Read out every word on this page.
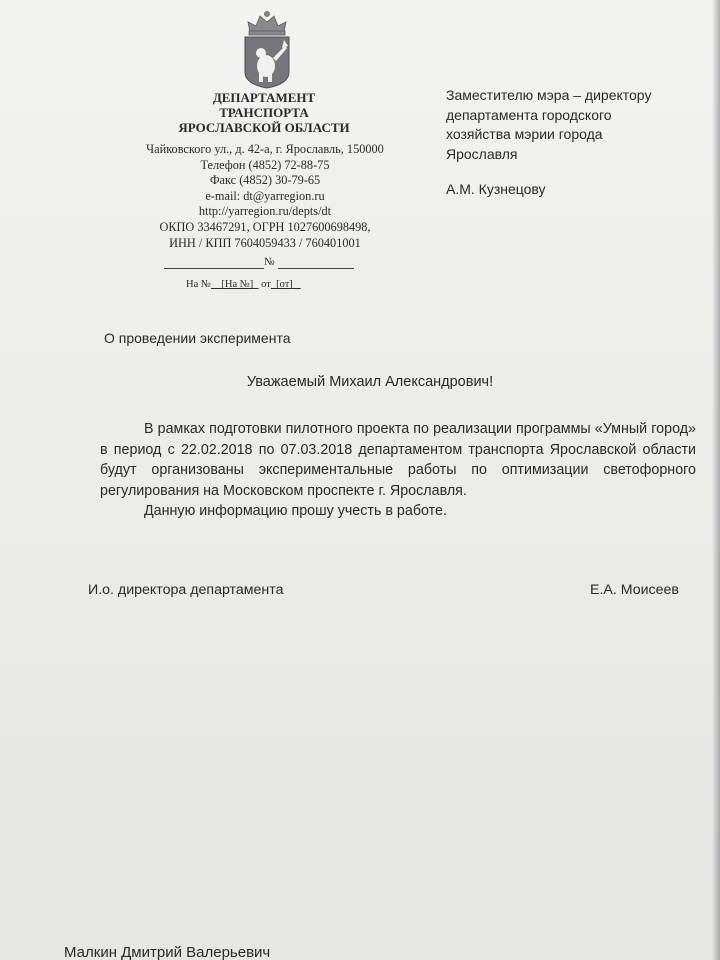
ДЕПАРТАМЕНТ
ТРАНСПОРТА
ЯРОСЛАВСКОЙ ОБЛАСТИ
Чайковского ул., д. 42-а, г. Ярославль, 150000
Телефон (4852) 72-88-75
Факс (4852) 30-79-65
e-mail: dt@yarregion.ru
http://yarregion.ru/depts/dt
ОКПО 33467291, ОГРН 1027600698498,
ИНН / КПП 7604059433 / 760401001
№
На № [На №] от [от]
Заместителю мэра – директору
департамента городского
хозяйства мэрии города
Ярославля
А.М. Кузнецову
О проведении эксперимента
Уважаемый Михаил Александрович!

В рамках подготовки пилотного проекта по реализации программы «Умный город» в период с 22.02.2018 по 07.03.2018 департаментом транспорта Ярославской области будут организованы экспериментальные работы по оптимизации светофорного регулирования на Московском проспекте г. Ярославля.

Данную информацию прошу учесть в работе.

И.о. директора департамента	Е.А. Моисеев
Малкин Дмитрий Валерьевич
